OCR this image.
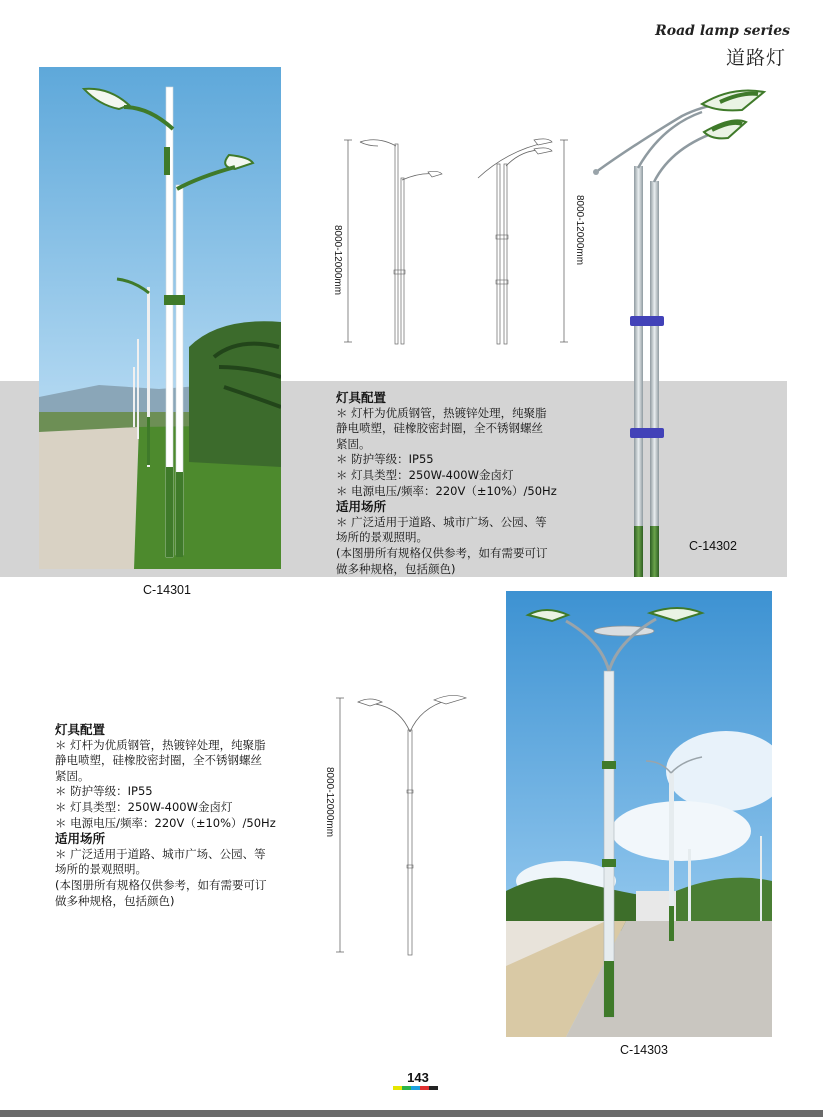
Road lamp series
道路灯
C-14301
8000-12000mm	8000-12000mm
灯具配置
＊ 灯杆为优质钢管，热镀锌处理，纯聚脂
静电喷塑，硅橡胶密封圈，全不锈钢螺丝
紧固。
＊ 防护等级：IP55
＊ 灯具类型：250W-400W金卤灯
＊ 电源电压/频率：220V（±10%）/50Hz
适用场所
＊ 广泛适用于道路、城市广场、公园、等
场所的景观照明。
(本图册所有规格仅供参考，如有需要可订
做多种规格，包括颜色)
C-14302
8000-12000mm
灯具配置
＊ 灯杆为优质钢管，热镀锌处理，纯聚脂
静电喷塑，硅橡胶密封圈，全不锈钢螺丝
紧固。
＊ 防护等级：IP55
＊ 灯具类型：250W-400W金卤灯
＊ 电源电压/频率：220V（±10%）/50Hz
适用场所
＊ 广泛适用于道路、城市广场、公园、等
场所的景观照明。
(本图册所有规格仅供参考，如有需要可订
做多种规格，包括颜色)
C-14303
143
